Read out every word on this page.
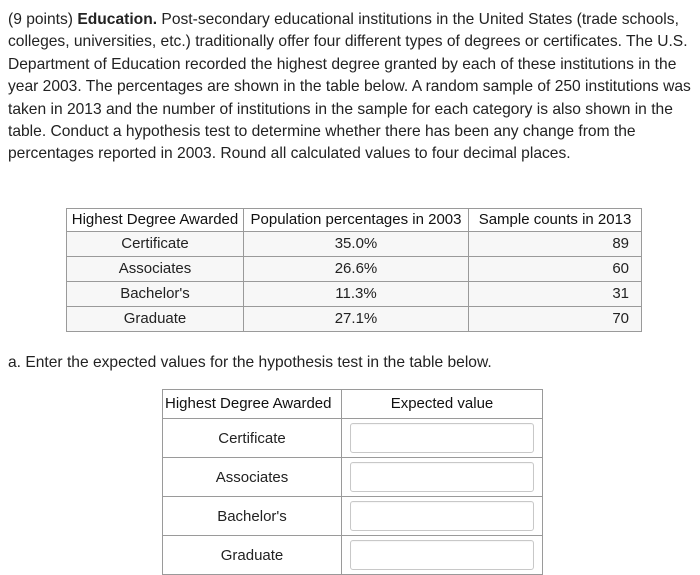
(9 points) Education. Post-secondary educational institutions in the United States (trade schools, colleges, universities, etc.) traditionally offer four different types of degrees or certificates. The U.S. Department of Education recorded the highest degree granted by each of these institutions in the year 2003. The percentages are shown in the table below. A random sample of 250 institutions was taken in 2013 and the number of institutions in the sample for each category is also shown in the table. Conduct a hypothesis test to determine whether there has been any change from the percentages reported in 2003. Round all calculated values to four decimal places.
Highest Degree Awarded	Population percentages in 2003	Sample counts in 2013
Certificate	35.0%	89
Associates	26.6%	60
Bachelor's	11.3%	31
Graduate	27.1%	70
a. Enter the expected values for the hypothesis test in the table below.
Highest Degree Awarded	Expected value
Certificate	

Associates	

Bachelor's	

Graduate	
